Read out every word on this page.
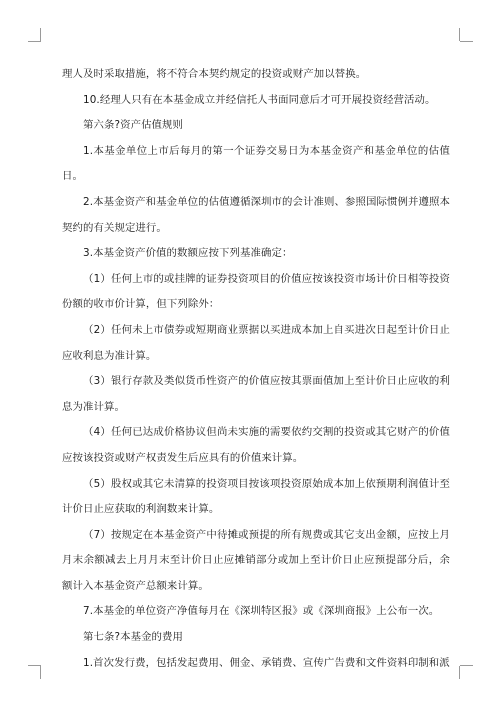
理人及时采取措施，将不符合本契约规定的投资或财产加以替换。

10.经理人只有在本基金成立并经信托人书面同意后才可开展投资经营活动。

第六条?资产估值规则

1.本基金单位上市后每月的第一个证券交易日为本基金资产和基金单位的估值日。

2.本基金资产和基金单位的估值遵循深圳市的会计准则、参照国际惯例并遵照本契约的有关规定进行。

3.本基金资产价值的数额应按下列基准确定：

（1）任何上市的或挂牌的证券投资项目的价值应按该投资市场计价日相等投资份额的收市价计算，但下列除外：

（2）任何未上市债券或短期商业票据以买进成本加上自买进次日起至计价日止应收利息为准计算。

（3）银行存款及类似货币性资产的价值应按其票面值加上至计价日止应收的利息为准计算。

（4）任何已达成价格协议但尚未实施的需要依约交割的投资或其它财产的价值应按该投资或财产权责发生后应具有的价值来计算。

（5）股权或其它未清算的投资项目按该项投资原始成本加上依预期利润值计至计价日止应获取的利润数来计算。

（7）按规定在本基金资产中待摊或预提的所有规费或其它支出金额，应按上月月末余额减去上月月末至计价日止应摊销部分或加上至计价日止应预提部分后，余额计入本基金资产总额来计算。

7.本基金的单位资产净值每月在《深圳特区报》或《深圳商报》上公布一次。

第七条?本基金的费用

1.首次发行费，包括发起费用、佣金、承销费、宣传广告费和文件资料印制和派
